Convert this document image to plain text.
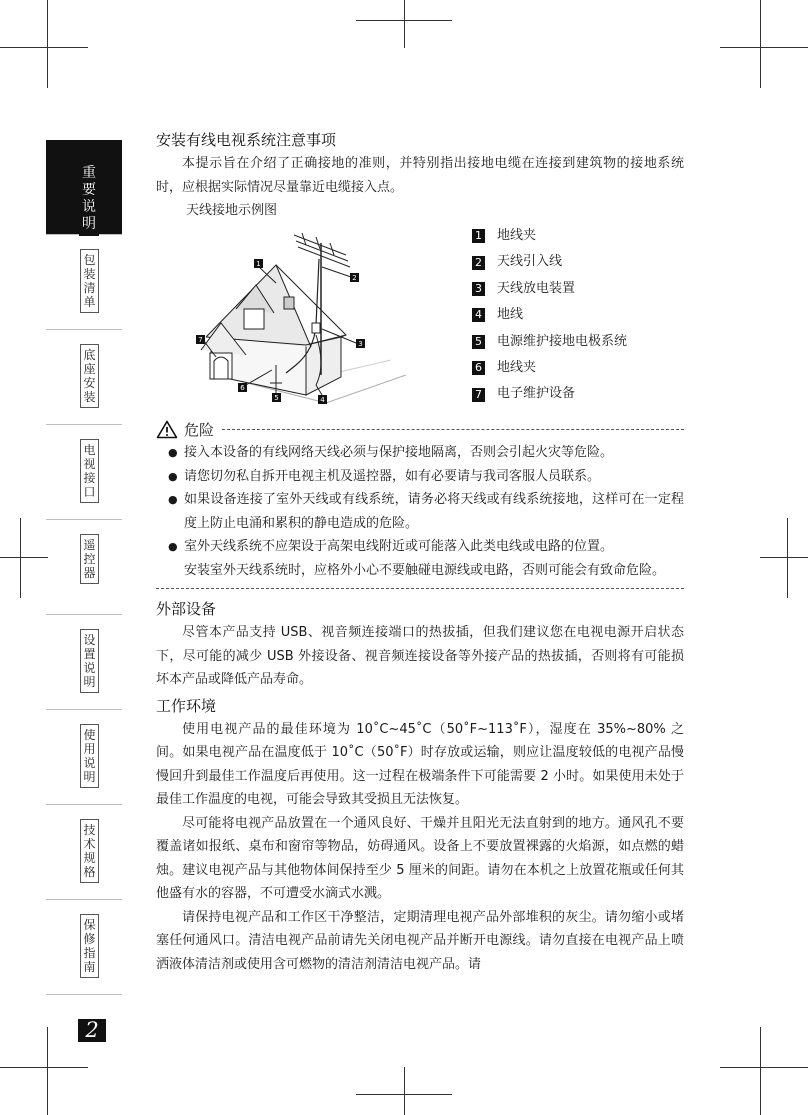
重要说明
包装清单
底座安装
电视接口
遥控器
设置说明
使用说明
技术规格
保修指南
2
安装有线电视系统注意事项

本提示旨在介绍了正确接地的准则，并特别指出接地电缆在连接到建筑物的接地系统时，应根据实际情况尽量靠近电缆接入点。

天线接地示例图
1
2
3
4
5
6
7
1 地线夹
2 天线引入线
3 天线放电装置
4 地线
5 电源维护接地电极系统
6 地线夹
7 电子维护设备
危险
● 接入本设备的有线网络天线必须与保护接地隔离，否则会引起火灾等危险。
● 请您切勿私自拆开电视主机及遥控器，如有必要请与我司客服人员联系。
● 如果设备连接了室外天线或有线系统，请务必将天线或有线系统接地，这样可在一定程度上防止电涌和累积的静电造成的危险。
● 室外天线系统不应架设于高架电线附近或可能落入此类电线或电路的位置。
安装室外天线系统时，应格外小心不要触碰电源线或电路，否则可能会有致命危险。
外部设备

尽管本产品支持 USB、视音频连接端口的热拔插，但我们建议您在电视电源开启状态下，尽可能的减少 USB 外接设备、视音频连接设备等外接产品的热拔插，否则将有可能损坏本产品或降低产品寿命。

工作环境

使用电视产品的最佳环境为 10˚C~45˚C（50˚F~113˚F），湿度在 35%~80% 之间。如果电视产品在温度低于 10˚C（50˚F）时存放或运输，则应让温度较低的电视产品慢慢回升到最佳工作温度后再使用。这一过程在极端条件下可能需要 2 小时。如果使用未处于最佳工作温度的电视，可能会导致其受损且无法恢复。

尽可能将电视产品放置在一个通风良好、干燥并且阳光无法直射到的地方。通风孔不要覆盖诸如报纸、桌布和窗帘等物品，妨碍通风。设备上不要放置裸露的火焰源，如点燃的蜡烛。建议电视产品与其他物体间保持至少 5 厘米的间距。请勿在本机之上放置花瓶或任何其他盛有水的容器，不可遭受水滴式水溅。

请保持电视产品和工作区干净整洁，定期清理电视产品外部堆积的灰尘。请勿缩小或堵塞任何通风口。清洁电视产品前请先关闭电视产品并断开电源线。请勿直接在电视产品上喷洒液体清洁剂或使用含可燃物的清洁剂清洁电视产品。请
